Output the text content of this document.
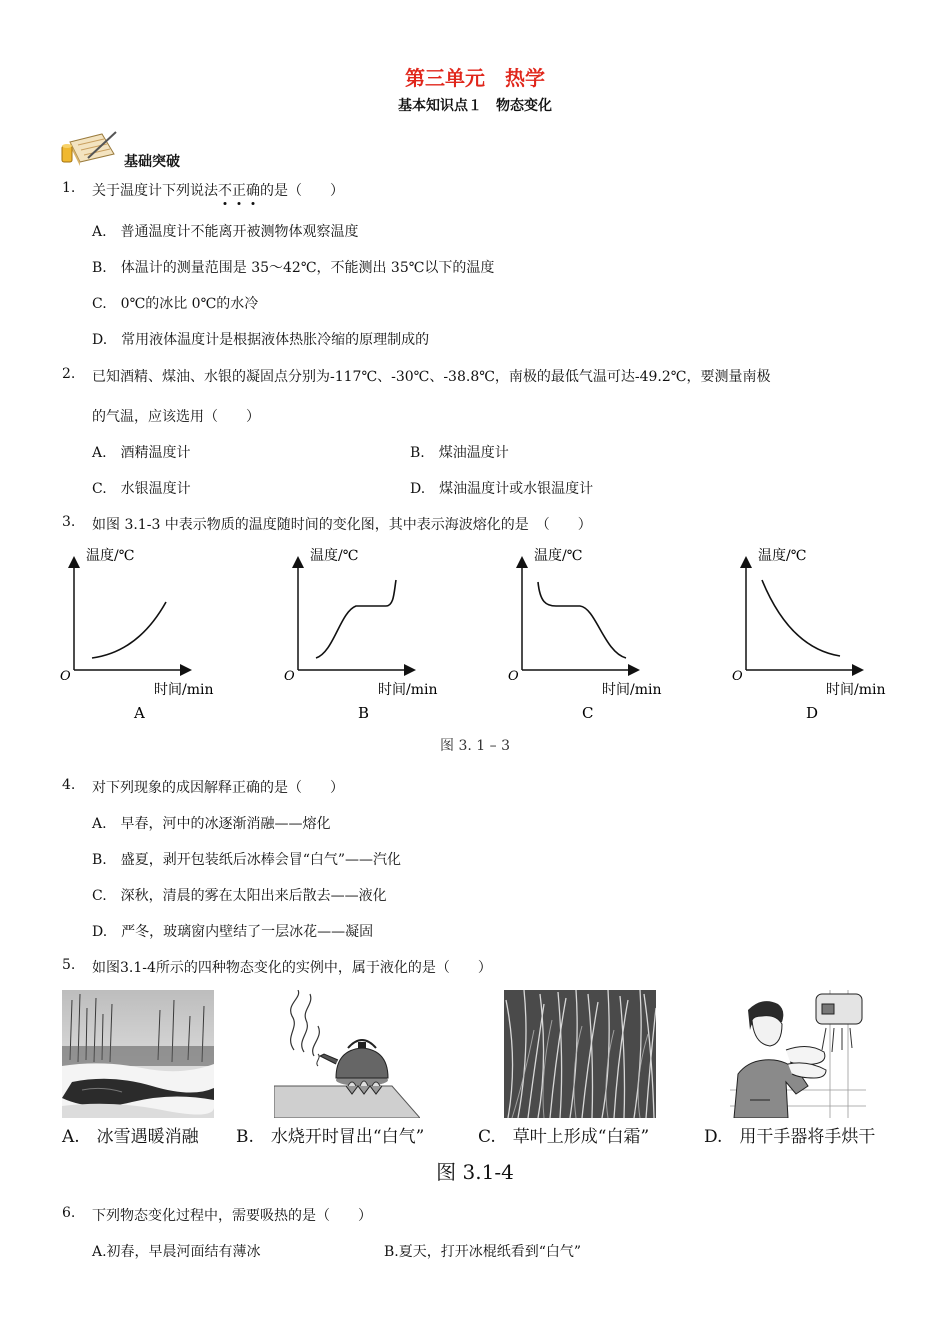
第三单元　热学
基本知识点１　物态变化
基础突破
1. 关于温度计下列说法不
正
确
的是（　　）
A.　普通温度计不能离开被测物体观察温度
B.　体温计的测量范围是 35～42℃，不能测出 35℃以下的温度
C.　0℃的冰比 0℃的水冷
D.　常用液体温度计是根据液体热胀冷缩的原理制成的
2. 已知酒精、煤油、水银的凝固点分别为-117℃、-30℃、-38.8℃，南极的最低气温可达-49.2℃，要测量南极
的气温，应该选用（　　）
A.　酒精温度计	B.　煤油温度计
C.　水银温度计	D.　煤油温度计或水银温度计
3. 如图 3.1-3 中表示物质的温度随时间的变化图，其中表示海波熔化的是　（　　）
温度/℃
O
时间/min
A
温度/℃
O
时间/min
B
温度/℃
O
时间/min
C
温度/℃
O
时间/min
D
图 3. 1 – 3
4. 对下列现象的成因解释正确的是（　　）
A.　早春，河中的冰逐渐消融——熔化
B.　盛夏，剥开包装纸后冰棒会冒“白气”——汽化
C.　深秋，清晨的雾在太阳出来后散去——液化
D.　严冬，玻璃窗内壁结了一层冰花——凝固
5. 如图3.1-4所示的四种物态变化的实例中，属于液化的是（　　）
A.　冰雪遇暖消融 B.　水烧开时冒出“白气”	C.　草叶上形成“白霜”	D.　用干手器将手烘干
图 3.1-4
6. 下列物态变化过程中，需要吸热的是（　　）
A.初春，早晨河面结有薄冰	B.夏天，打开冰棍纸看到“白气”
